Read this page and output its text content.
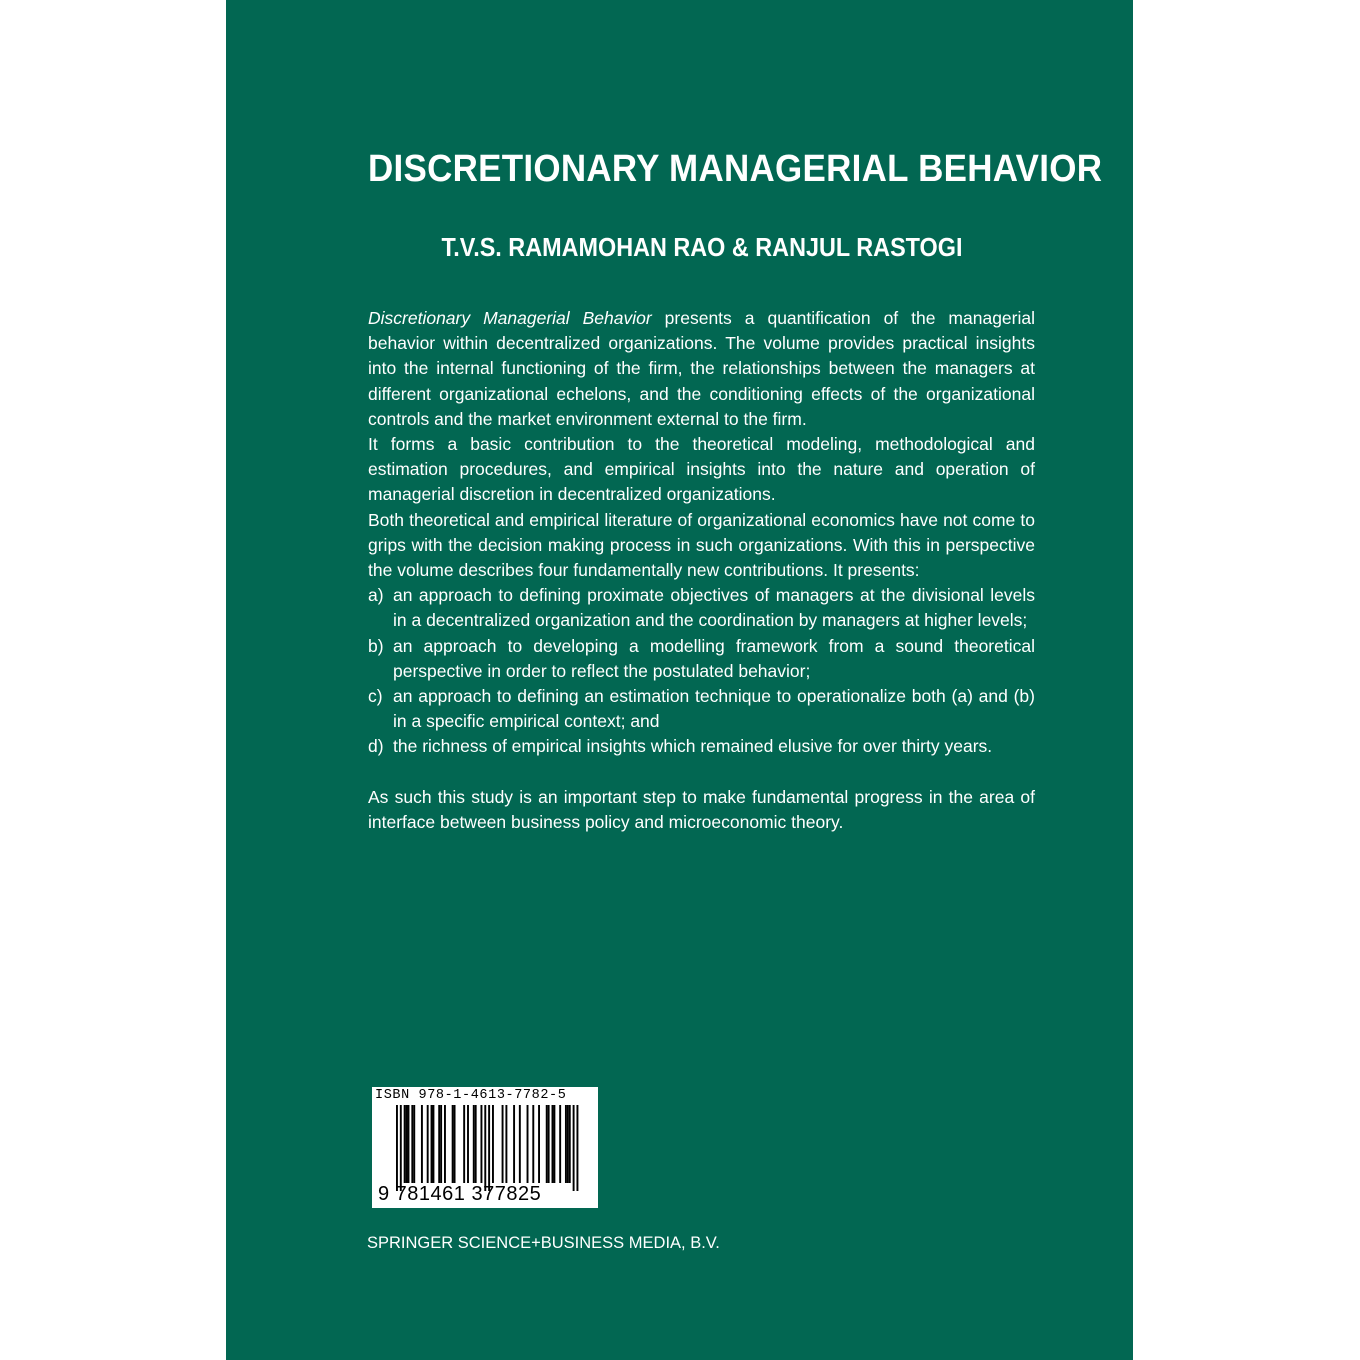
DISCRETIONARY MANAGERIAL BEHAVIOR
T.V.S. RAMAMOHAN RAO & RANJUL RASTOGI

Discretionary Managerial Behavior presents a quantification of the managerial behavior within decentralized organizations. The volume provides practical insights into the internal functioning of the firm, the relationships between the managers at different organizational echelons, and the conditioning effects of the organizational controls and the market environment external to the firm.

It forms a basic contribution to the theoretical modeling, methodological and estimation procedures, and empirical insights into the nature and operation of managerial discretion in decentralized organizations.

Both theoretical and empirical literature of organizational economics have not come to grips with the decision making process in such organizations. With this in perspective the volume describes four fundamentally new contributions. It presents:

a) an approach to defining proximate objectives of managers at the divisional levels in a decentralized organization and the coordination by managers at higher levels;
b) an approach to developing a modelling framework from a sound theoretical perspective in order to reflect the postulated behavior;
c) an approach to defining an estimation technique to operationalize both (a) and (b) in a specific empirical context; and
d) the richness of empirical insights which remained elusive for over thirty years.

As such this study is an important step to make fundamental progress in the area of interface between business policy and microeconomic theory.

ISBN 978-1-4613-7782-5
9 781461 377825
SPRINGER SCIENCE+BUSINESS MEDIA, B.V.
